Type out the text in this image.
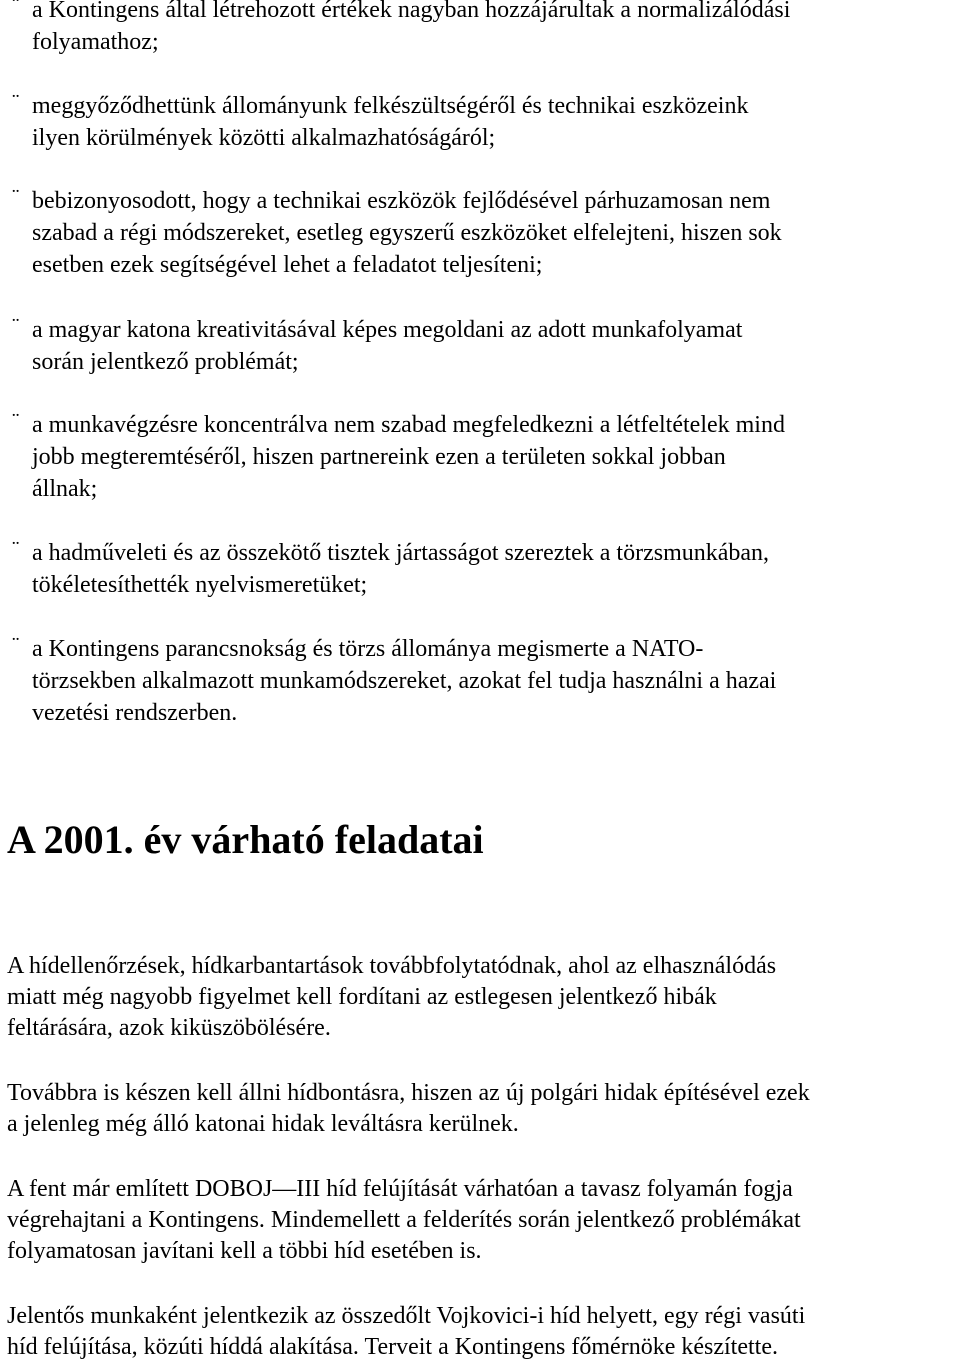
¨ a Kontingens által létrehozott értékek nagyban hozzájárultak a normalizálódási
folyamathoz;
¨ meggyőződhettünk állományunk felkészültségéről és technikai eszközeink
ilyen körülmények közötti alkalmazhatóságáról;
¨ bebizonyosodott, hogy a technikai eszközök fejlődésével párhuzamosan nem
szabad a régi módszereket, esetleg egyszerű eszközöket elfelejteni, hiszen sok
esetben ezek segítségével lehet a feladatot teljesíteni;
¨ a magyar katona kreativitásával képes megoldani az adott munkafolyamat
során jelentkező problémát;
¨ a munkavégzésre koncentrálva nem szabad megfeledkezni a létfeltételek mind
jobb megteremtéséről, hiszen partnereink ezen a területen sokkal jobban
állnak;
¨ a hadműveleti és az összekötő tisztek jártasságot szereztek a törzsmunkában,
tökéletesíthették nyelvismeretüket;
¨ a Kontingens parancsnokság és törzs állománya megismerte a NATO-
törzsekben alkalmazott munkamódszereket, azokat fel tudja használni a hazai
vezetési rendszerben.
A 2001. év várható feladatai

A hídellenőrzések, hídkarbantartások továbbfolytatódnak, ahol az elhasználódás
miatt még nagyobb figyelmet kell fordítani az estlegesen jelentkező hibák
feltárására, azok kiküszöbölésére.

Továbbra is készen kell állni hídbontásra, hiszen az új polgári hidak építésével ezek
a jelenleg még álló katonai hidak leváltásra kerülnek.

A fent már említett DOBOJ—III híd felújítását várhatóan a tavasz folyamán fogja
végrehajtani a Kontingens. Mindemellett a felderítés során jelentkező problémákat
folyamatosan javítani kell a többi híd esetében is.

Jelentős munkaként jelentkezik az összedőlt Vojkovici-i híd helyett, egy régi vasúti
híd felújítása, közúti híddá alakítása. Terveit a Kontingens főmérnöke készítette.
